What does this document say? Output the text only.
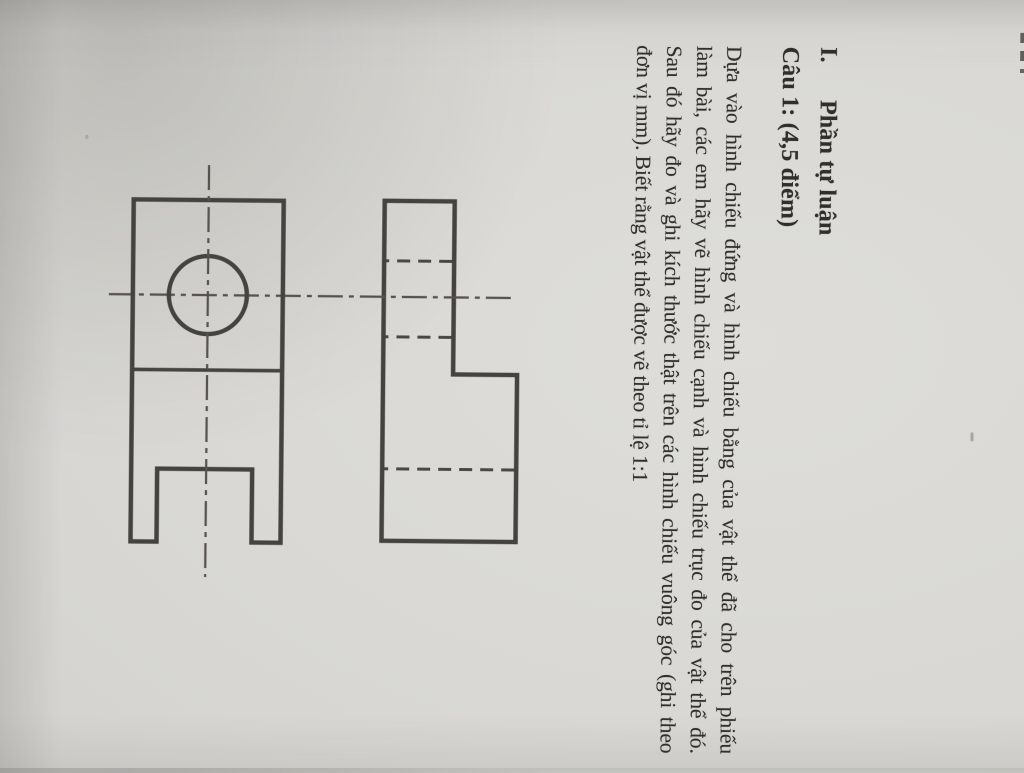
I.Phần tự luận
Câu 1: (4,5 điểm)
Dựa vào hình chiếu đứng và hình chiếu bằng của vật thể đã cho trên phiếu
làm bài, các em hãy vẽ hình chiếu cạnh và hình chiếu trục đo của vật thể đó.
Sau đó hãy đo và ghi kích thước thật trên các hình chiếu vuông góc (ghi theo
đơn vị mm). Biết rằng vật thể được vẽ theo tỉ lệ 1:1
